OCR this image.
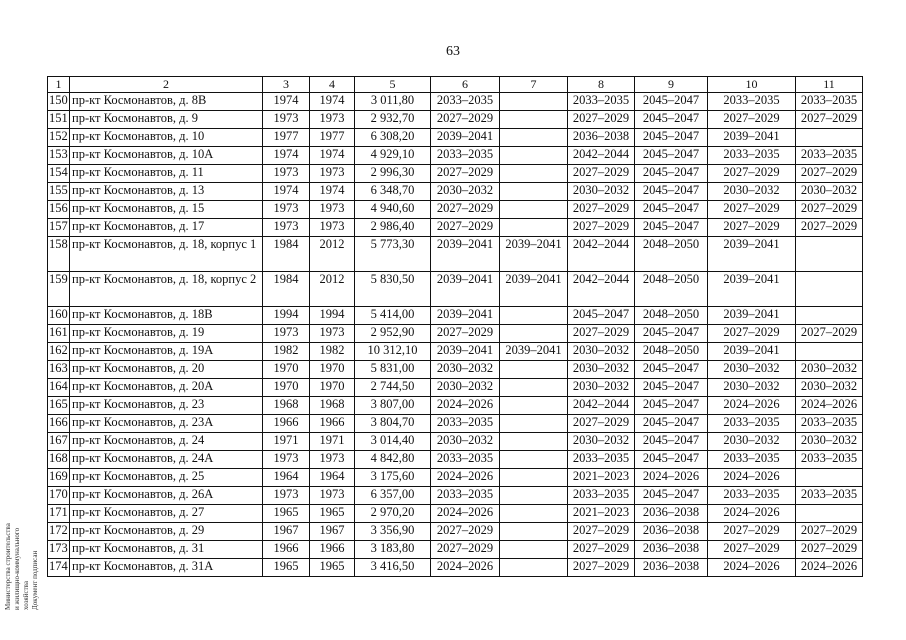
63
1	2	3	4	5	6	7	8	9	10	11
150	пр-кт Космонавтов, д. 8В	1974	1974	3 011,80	2033–2035		2033–2035	2045–2047	2033–2035	2033–2035
151	пр-кт Космонавтов, д. 9	1973	1973	2 932,70	2027–2029		2027–2029	2045–2047	2027–2029	2027–2029
152	пр-кт Космонавтов, д. 10	1977	1977	6 308,20	2039–2041		2036–2038	2045–2047	2039–2041	
153	пр-кт Космонавтов, д. 10А	1974	1974	4 929,10	2033–2035		2042–2044	2045–2047	2033–2035	2033–2035
154	пр-кт Космонавтов, д. 11	1973	1973	2 996,30	2027–2029		2027–2029	2045–2047	2027–2029	2027–2029
155	пр-кт Космонавтов, д. 13	1974	1974	6 348,70	2030–2032		2030–2032	2045–2047	2030–2032	2030–2032
156	пр-кт Космонавтов, д. 15	1973	1973	4 940,60	2027–2029		2027–2029	2045–2047	2027–2029	2027–2029
157	пр-кт Космонавтов, д. 17	1973	1973	2 986,40	2027–2029		2027–2029	2045–2047	2027–2029	2027–2029
158	пр-кт Космонавтов, д. 18, корпус 1	1984	2012	5 773,30	2039–2041	2039–2041	2042–2044	2048–2050	2039–2041	
159	пр-кт Космонавтов, д. 18, корпус 2	1984	2012	5 830,50	2039–2041	2039–2041	2042–2044	2048–2050	2039–2041	
160	пр-кт Космонавтов, д. 18В	1994	1994	5 414,00	2039–2041		2045–2047	2048–2050	2039–2041	
161	пр-кт Космонавтов, д. 19	1973	1973	2 952,90	2027–2029		2027–2029	2045–2047	2027–2029	2027–2029
162	пр-кт Космонавтов, д. 19А	1982	1982	10 312,10	2039–2041	2039–2041	2030–2032	2048–2050	2039–2041	
163	пр-кт Космонавтов, д. 20	1970	1970	5 831,00	2030–2032		2030–2032	2045–2047	2030–2032	2030–2032
164	пр-кт Космонавтов, д. 20А	1970	1970	2 744,50	2030–2032		2030–2032	2045–2047	2030–2032	2030–2032
165	пр-кт Космонавтов, д. 23	1968	1968	3 807,00	2024–2026		2042–2044	2045–2047	2024–2026	2024–2026
166	пр-кт Космонавтов, д. 23А	1966	1966	3 804,70	2033–2035		2027–2029	2045–2047	2033–2035	2033–2035
167	пр-кт Космонавтов, д. 24	1971	1971	3 014,40	2030–2032		2030–2032	2045–2047	2030–2032	2030–2032
168	пр-кт Космонавтов, д. 24А	1973	1973	4 842,80	2033–2035		2033–2035	2045–2047	2033–2035	2033–2035
169	пр-кт Космонавтов, д. 25	1964	1964	3 175,60	2024–2026		2021–2023	2024–2026	2024–2026	
170	пр-кт Космонавтов, д. 26А	1973	1973	6 357,00	2033–2035		2033–2035	2045–2047	2033–2035	2033–2035
171	пр-кт Космонавтов, д. 27	1965	1965	2 970,20	2024–2026		2021–2023	2036–2038	2024–2026	
172	пр-кт Космонавтов, д. 29	1967	1967	3 356,90	2027–2029		2027–2029	2036–2038	2027–2029	2027–2029
173	пр-кт Космонавтов, д. 31	1966	1966	3 183,80	2027–2029		2027–2029	2036–2038	2027–2029	2027–2029
174	пр-кт Космонавтов, д. 31А	1965	1965	3 416,50	2024–2026		2027–2029	2036–2038	2024–2026	2024–2026
Министерства строительства и жилищно-коммунального хозяйства Документ подписан
